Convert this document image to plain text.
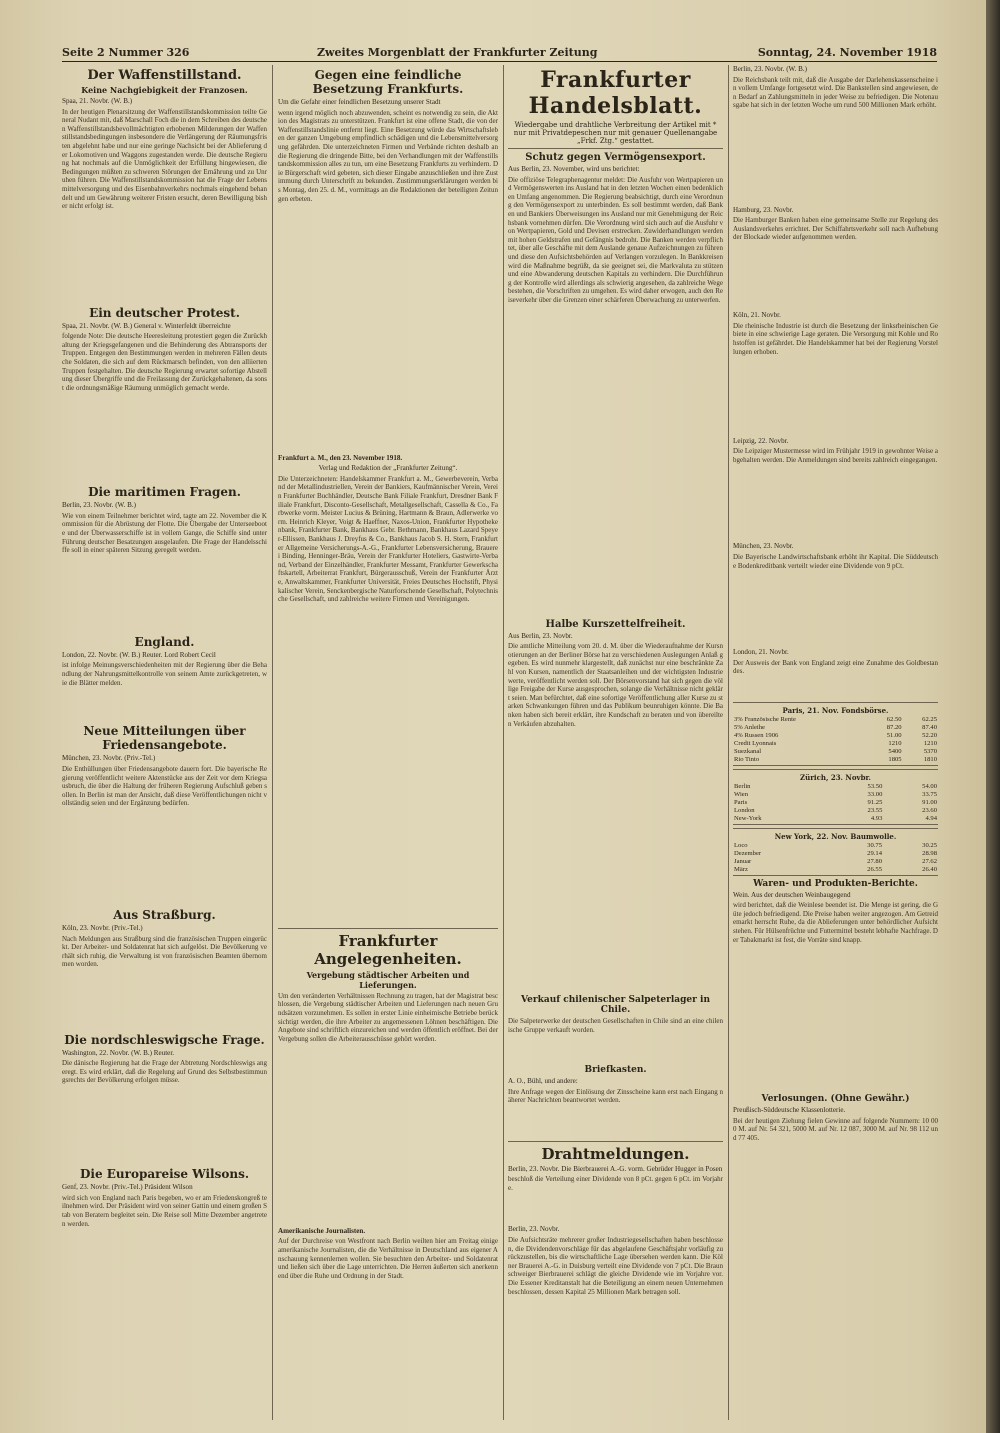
Seite 2 Nummer 326	Zweites Morgenblatt der Frankfurter Zeitung	Sonntag, 24. November 1918
Der Waffenstillstand.
Keine Nachgiebigkeit der Franzosen.

Spaa, 21. Novbr. (W. B.)

In der heutigen Plenarsitzung der Waffenstillstandskommission teilte General Nudant mit, daß Marschall Foch die in dem Schreiben des deutschen Waffenstillstandsbevollmächtigten erhobenen Milderungen der Waffenstillstandsbedingungen insbesondere die Verlängerung der Räumungsfristen abgelehnt habe und nur eine geringe Nachsicht bei der Ablieferung der Lokomotiven und Waggons zugestanden werde. Die deutsche Regierung hat nochmals auf die Unmöglichkeit der Erfüllung hingewiesen, die Bedingungen müßten zu schweren Störungen der Ernährung und zu Unruhen führen. Die Waffenstillstandskommission hat die Frage der Lebensmittelversorgung und des Eisenbahnverkehrs nochmals eingehend behandelt und um Gewährung weiterer Fristen ersucht, deren Bewilligung bisher nicht erfolgt ist.

Ein deutscher Protest.

Spaa, 21. Novbr. (W. B.) General v. Winterfeldt überreichte

folgende Note: Die deutsche Heeresleitung protestiert gegen die Zurückhaltung der Kriegsgefangenen und die Behinderung des Abtransports der Truppen. Entgegen den Bestimmungen werden in mehreren Fällen deutsche Soldaten, die sich auf dem Rückmarsch befinden, von den alliierten Truppen festgehalten. Die deutsche Regierung erwartet sofortige Abstellung dieser Übergriffe und die Freilassung der Zurückgehaltenen, da sonst die ordnungsmäßige Räumung unmöglich gemacht werde.

Die maritimen Fragen.

Berlin, 23. Novbr. (W. B.)

Wie von einem Teilnehmer berichtet wird, tagte am 22. November die Kommission für die Abrüstung der Flotte. Die Übergabe der Unterseeboote und der Überwasserschiffe ist in vollem Gange, die Schiffe sind unter Führung deutscher Besatzungen ausgelaufen. Die Frage der Handelsschiffe soll in einer späteren Sitzung geregelt werden.

England.

London, 22. Novbr. (W. B.) Reuter. Lord Robert Cecil

ist infolge Meinungsverschiedenheiten mit der Regierung über die Behandlung der Nahrungsmittelkontrolle von seinem Amte zurückgetreten, wie die Blätter melden.

Neue Mitteilungen über Friedensangebote.

München, 23. Novbr. (Priv.-Tel.)

Die Enthüllungen über Friedensangebote dauern fort. Die bayerische Regierung veröffentlicht weitere Aktenstücke aus der Zeit vor dem Kriegsausbruch, die über die Haltung der früheren Regierung Aufschluß geben sollen. In Berlin ist man der Ansicht, daß diese Veröffentlichungen nicht vollständig seien und der Ergänzung bedürfen.

Aus Straßburg.

Köln, 23. Novbr. (Priv.-Tel.)

Nach Meldungen aus Straßburg sind die französischen Truppen eingerückt. Der Arbeiter- und Soldatenrat hat sich aufgelöst. Die Bevölkerung verhält sich ruhig, die Verwaltung ist von französischen Beamten übernommen worden.

Die nordschleswigsche Frage.

Washington, 22. Novbr. (W. B.) Reuter.

Die dänische Regierung hat die Frage der Abtretung Nordschleswigs angeregt. Es wird erklärt, daß die Regelung auf Grund des Selbstbestimmungsrechts der Bevölkerung erfolgen müsse.

Die Europareise Wilsons.

Genf, 23. Novbr. (Priv.-Tel.) Präsident Wilson

wird sich von England nach Paris begeben, wo er am Friedenskongreß teilnehmen wird. Der Präsident wird von seiner Gattin und einem großen Stab von Beratern begleitet sein. Die Reise soll Mitte Dezember angetreten werden.

Gegen eine feindliche Besetzung Frankfurts.

Um die Gefahr einer feindlichen Besetzung unserer Stadt

wenn irgend möglich noch abzuwenden, scheint es notwendig zu sein, die Aktion des Magistrats zu unterstützen. Frankfurt ist eine offene Stadt, die von der Waffenstillstandslinie entfernt liegt. Eine Besetzung würde das Wirtschaftsleben der ganzen Umgebung empfindlich schädigen und die Lebensmittelversorgung gefährden. Die unterzeichneten Firmen und Verbände richten deshalb an die Regierung die dringende Bitte, bei den Verhandlungen mit der Waffenstillstandskommission alles zu tun, um eine Besetzung Frankfurts zu verhindern. Die Bürgerschaft wird gebeten, sich dieser Eingabe anzuschließen und ihre Zustimmung durch Unterschrift zu bekunden. Zustimmungserklärungen werden bis Montag, den 25. d. M., vormittags an die Redaktionen der beteiligten Zeitungen erbeten.

Frankfurt a. M., den 23. November 1918.

Verlag und Redaktion der „Frankfurter Zeitung“.

Die Unterzeichneten: Handelskammer Frankfurt a. M., Gewerbeverein, Verband der Metallindustriellen, Verein der Bankiers, Kaufmännischer Verein, Verein Frankfurter Buchhändler, Deutsche Bank Filiale Frankfurt, Dresdner Bank Filiale Frankfurt, Disconto-Gesellschaft, Metallgesellschaft, Cassella & Co., Farbwerke vorm. Meister Lucius & Brüning, Hartmann & Braun, Adlerwerke vorm. Heinrich Kleyer, Voigt & Haeffner, Naxos-Union, Frankfurter Hypothekenbank, Frankfurter Bank, Bankhaus Gebr. Bethmann, Bankhaus Lazard Speyer-Ellissen, Bankhaus J. Dreyfus & Co., Bankhaus Jacob S. H. Stern, Frankfurter Allgemeine Versicherungs-A.-G., Frankfurter Lebensversicherung, Brauerei Binding, Henninger-Bräu, Verein der Frankfurter Hoteliers, Gastwirte-Verband, Verband der Einzelhändler, Frankfurter Messamt, Frankfurter Gewerkschaftskartell, Arbeiterrat Frankfurt, Bürgerausschuß, Verein der Frankfurter Ärzte, Anwaltskammer, Frankfurter Universität, Freies Deutsches Hochstift, Physikalischer Verein, Senckenbergische Naturforschende Gesellschaft, Polytechnische Gesellschaft, und zahlreiche weitere Firmen und Vereinigungen.

Frankfurter Angelegenheiten.
Vergebung städtischer Arbeiten und Lieferungen.

Um den veränderten Verhältnissen Rechnung zu tragen, hat der Magistrat beschlossen, die Vergebung städtischer Arbeiten und Lieferungen nach neuen Grundsätzen vorzunehmen. Es sollen in erster Linie einheimische Betriebe berücksichtigt werden, die ihre Arbeiter zu angemessenen Löhnen beschäftigen. Die Angebote sind schriftlich einzureichen und werden öffentlich eröffnet. Bei der Vergebung sollen die Arbeiterausschüsse gehört werden.

Amerikanische Journalisten.

Auf der Durchreise von Westfront nach Berlin weilten hier am Freitag einige amerikanische Journalisten, die die Verhältnisse in Deutschland aus eigener Anschauung kennenlernen wollen. Sie besuchten den Arbeiter- und Soldatenrat und ließen sich über die Lage unterrichten. Die Herren äußerten sich anerkennend über die Ruhe und Ordnung in der Stadt.

Frankfurter Handelsblatt.
Wiedergabe und drahtliche Verbreitung der Artikel mit * nur mit Privatdepeschen nur mit genauer Quellenangabe „Frkf. Ztg.“ gestattet.
Schutz gegen Vermögensexport.

Aus Berlin, 23. November, wird uns berichtet:

Die offiziöse Telegraphenagentur meldet: Die Ausfuhr von Wertpapieren und Vermögenswerten ins Ausland hat in den letzten Wochen einen bedenklichen Umfang angenommen. Die Regierung beabsichtigt, durch eine Verordnung den Vermögensexport zu unterbinden. Es soll bestimmt werden, daß Banken und Bankiers Überweisungen ins Ausland nur mit Genehmigung der Reichsbank vornehmen dürfen. Die Verordnung wird sich auch auf die Ausfuhr von Wertpapieren, Gold und Devisen erstrecken. Zuwiderhandlungen werden mit hohen Geldstrafen und Gefängnis bedroht. Die Banken werden verpflichtet, über alle Geschäfte mit dem Auslande genaue Aufzeichnungen zu führen und diese den Aufsichtsbehörden auf Verlangen vorzulegen. In Bankkreisen wird die Maßnahme begrüßt, da sie geeignet sei, die Markvaluta zu stützen und eine Abwanderung deutschen Kapitals zu verhindern. Die Durchführung der Kontrolle wird allerdings als schwierig angesehen, da zahlreiche Wege bestehen, die Vorschriften zu umgehen. Es wird daher erwogen, auch den Reiseverkehr über die Grenzen einer schärferen Überwachung zu unterwerfen.

Halbe Kurszettelfreiheit.

Aus Berlin, 23. Novbr.

Die amtliche Mitteilung vom 20. d. M. über die Wiederaufnahme der Kursnotierungen an der Berliner Börse hat zu verschiedenen Auslegungen Anlaß gegeben. Es wird nunmehr klargestellt, daß zunächst nur eine beschränkte Zahl von Kursen, namentlich der Staatsanleihen und der wichtigsten Industriewerte, veröffentlicht werden soll. Der Börsenvorstand hat sich gegen die völlige Freigabe der Kurse ausgesprochen, solange die Verhältnisse nicht geklärt seien. Man befürchtet, daß eine sofortige Veröffentlichung aller Kurse zu starken Schwankungen führen und das Publikum beunruhigen könnte. Die Banken haben sich bereit erklärt, ihre Kundschaft zu beraten und von übereilten Verkäufen abzuhalten.

Verkauf chilenischer Salpeterlager in Chile.

Die Salpeterwerke der deutschen Gesellschaften in Chile sind an eine chilenische Gruppe verkauft worden.

Briefkasten.

A. O., Bühl, und andere:

Ihre Anfrage wegen der Einlösung der Zinsscheine kann erst nach Eingang näherer Nachrichten beantwortet werden.

Drahtmeldungen.

Berlin, 23. Novbr. Die Bierbrauerei A.-G. vorm. Gebrüder Hugger in Posen

beschloß die Verteilung einer Dividende von 8 pCt. gegen 6 pCt. im Vorjahre.

Berlin, 23. Novbr.

Die Aufsichtsräte mehrerer großer Industriegesellschaften haben beschlossen, die Dividendenvorschläge für das abgelaufene Geschäftsjahr vorläufig zurückzustellen, bis die wirtschaftliche Lage übersehen werden kann. Die Kölner Brauerei A.-G. in Duisburg verteilt eine Dividende von 7 pCt. Die Braunschweiger Bierbrauerei schlägt die gleiche Dividende wie im Vorjahre vor. Die Essener Kreditanstalt hat die Beteiligung an einem neuen Unternehmen beschlossen, dessen Kapital 25 Millionen Mark betragen soll.

Berlin, 23. Novbr. (W. B.)

Die Reichsbank teilt mit, daß die Ausgabe der Darlehenskassenscheine in vollem Umfange fortgesetzt wird. Die Bankstellen sind angewiesen, den Bedarf an Zahlungsmitteln in jeder Weise zu befriedigen. Die Notenausgabe hat sich in der letzten Woche um rund 500 Millionen Mark erhöht.

Hamburg, 23. Novbr.

Die Hamburger Banken haben eine gemeinsame Stelle zur Regelung des Auslandsverkehrs errichtet. Der Schiffahrtsverkehr soll nach Aufhebung der Blockade wieder aufgenommen werden.

Köln, 21. Novbr.

Die rheinische Industrie ist durch die Besetzung der linksrheinischen Gebiete in eine schwierige Lage geraten. Die Versorgung mit Kohle und Rohstoffen ist gefährdet. Die Handelskammer hat bei der Regierung Vorstellungen erhoben.

Leipzig, 22. Novbr.

Die Leipziger Mustermesse wird im Frühjahr 1919 in gewohnter Weise abgehalten werden. Die Anmeldungen sind bereits zahlreich eingegangen.

München, 23. Novbr.

Die Bayerische Landwirtschaftsbank erhöht ihr Kapital. Die Süddeutsche Bodenkreditbank verteilt wieder eine Dividende von 9 pCt.

London, 21. Novbr.

Der Ausweis der Bank von England zeigt eine Zunahme des Goldbestandes.

Paris, 21. Nov. Fondsbörse.
3% Französische Rente	62.50	62.25
5% Anleihe	87.20	87.40
4% Russen 1906	51.00	52.20
Credit Lyonnais	1210	1210
Suezkanal	5400	5370
Rio Tinto	1805	1810
Zürich, 23. Novbr.
Berlin	53.50	54.00
Wien	33.00	33.75
Paris	91.25	91.00
London	23.55	23.60
New-York	4.93	4.94
New York, 22. Nov. Baumwolle.
Loco	30.75	30.25
Dezember	29.14	28.98
Januar	27.80	27.62
März	26.55	26.40
Waren- und Produkten-Berichte.

Wein. Aus der deutschen Weinbaugegend

wird berichtet, daß die Weinlese beendet ist. Die Menge ist gering, die Güte jedoch befriedigend. Die Preise haben weiter angezogen. Am Getreidemarkt herrscht Ruhe, da die Ablieferungen unter behördlicher Aufsicht stehen. Für Hülsenfrüchte und Futtermittel besteht lebhafte Nachfrage. Der Tabakmarkt ist fest, die Vorräte sind knapp.

Verlosungen. (Ohne Gewähr.)

Preußisch-Süddeutsche Klassenlotterie.

Bei der heutigen Ziehung fielen Gewinne auf folgende Nummern: 10 000 M. auf Nr. 54 321, 5000 M. auf Nr. 12 087, 3000 M. auf Nr. 98 112 und 77 405.
